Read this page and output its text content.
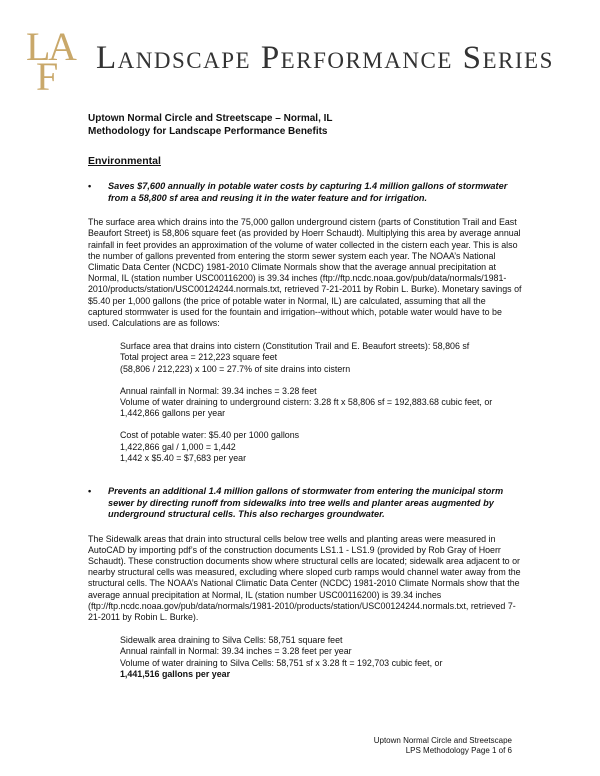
L
A
F Landscape Performance Series
Uptown Normal Circle and Streetscape – Normal, IL
Methodology for Landscape Performance Benefits
Environmental
• Saves $7,600 annually in potable water costs by capturing 1.4 million gallons of stormwater from a 58,800 sf area and reusing it in the water feature and for irrigation.
The surface area which drains into the 75,000 gallon underground cistern (parts of Constitution Trail and East Beaufort Street) is 58,806 square feet (as provided by Hoerr Schaudt). Multiplying this area by average annual rainfall in feet provides an approximation of the volume of water collected in the cistern each year. This is also the number of gallons prevented from entering the storm sewer system each year. The NOAA’s National Climatic Data Center (NCDC) 1981-2010 Climate Normals show that the average annual precipitation at Normal, IL (station number USC00116200) is 39.34 inches (ftp://ftp.ncdc.noaa.gov/pub/data/normals/1981-2010/products/station/USC00124244.normals.txt, retrieved 7-21-2011 by Robin L. Burke). Monetary savings of $5.40 per 1,000 gallons (the price of potable water in Normal, IL) are calculated, assuming that all the captured stormwater is used for the fountain and irrigation--without which, potable water would have to be used. Calculations are as follows:
Surface area that drains into cistern (Constitution Trail and E. Beaufort streets): 58,806 sf
Total project area = 212,223 square feet
(58,806 / 212,223) x 100 = 27.7% of site drains into cistern
Annual rainfall in Normal: 39.34 inches = 3.28 feet
Volume of water draining to underground cistern: 3.28 ft x 58,806 sf = 192,883.68 cubic feet, or 1,442,866 gallons per year
Cost of potable water: $5.40 per 1000 gallons
1,422,866 gal / 1,000 = 1,442
1,442 x $5.40 = $7,683 per year
• Prevents an additional 1.4 million gallons of stormwater from entering the municipal storm sewer by directing runoff from sidewalks into tree wells and planter areas augmented by underground structural cells. This also recharges groundwater.
The Sidewalk areas that drain into structural cells below tree wells and planting areas were measured in AutoCAD by importing pdf’s of the construction documents LS1.1 - LS1.9 (provided by Rob Gray of Hoerr Schaudt). These construction documents show where structural cells are located; sidewalk area adjacent to or nearby structural cells was measured, excluding where sloped curb ramps would channel water away from the structural cells. The NOAA’s National Climatic Data Center (NCDC) 1981-2010 Climate Normals show that the average annual precipitation at Normal, IL (station number USC00116200) is 39.34 inches (ftp://ftp.ncdc.noaa.gov/pub/data/normals/1981-2010/products/station/USC00124244.normals.txt, retrieved 7-21-2011 by Robin L. Burke).
Sidewalk area draining to Silva Cells: 58,751 square feet
Annual rainfall in Normal: 39.34 inches = 3.28 feet per year
Volume of water draining to Silva Cells: 58,751 sf x 3.28 ft = 192,703 cubic feet, or
1,441,516 gallons per year
Uptown Normal Circle and Streetscape
LPS Methodology Page 1 of 6
